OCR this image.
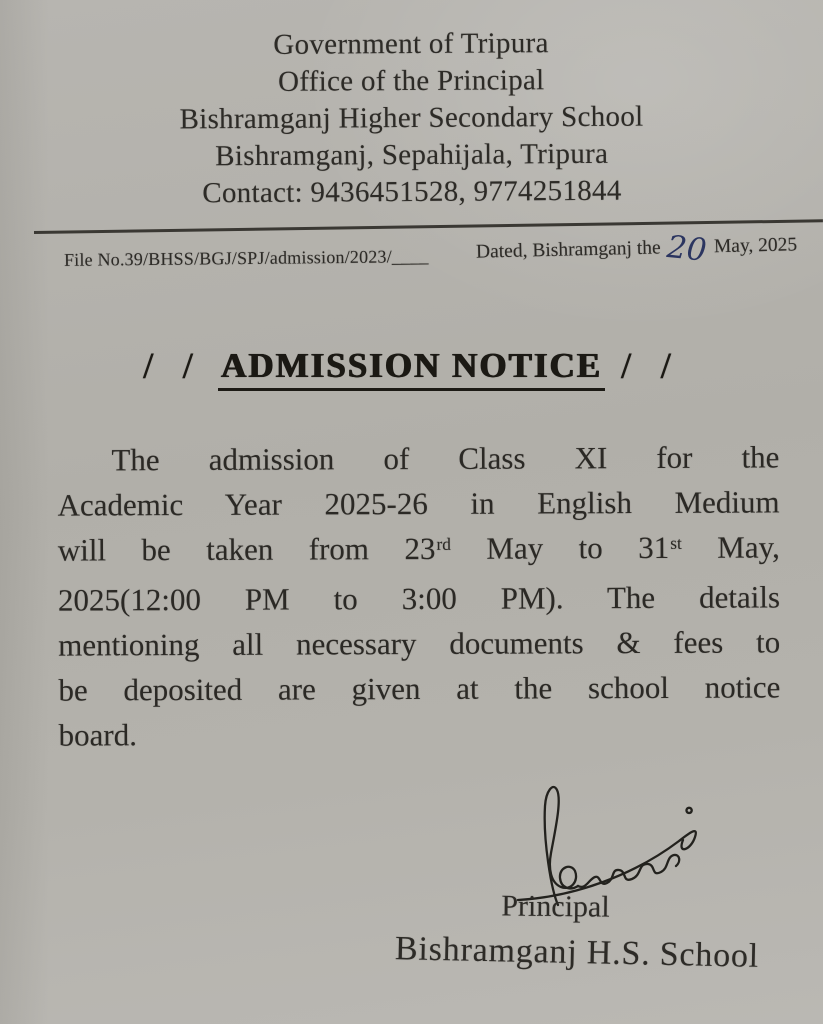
Government of Tripura
Office of the Principal
Bishramganj Higher Secondary School
Bishramganj, Sepahijala, Tripura
Contact: 9436451528, 9774251844
File No.39/BHSS/BGJ/SPJ/admission/2023/____ Dated, Bishramganj the 20 May, 2025
/ / ADMISSION NOTICE / /
The admission of Class XI for the
Academic Year 2025-26 in English Medium
will be taken from 23rd May to 31st May,
2025(12:00 PM to 3:00 PM). The details
mentioning all necessary documents & fees to
be deposited are given at the school notice
board.
Principal
Bishramganj H.S. School
